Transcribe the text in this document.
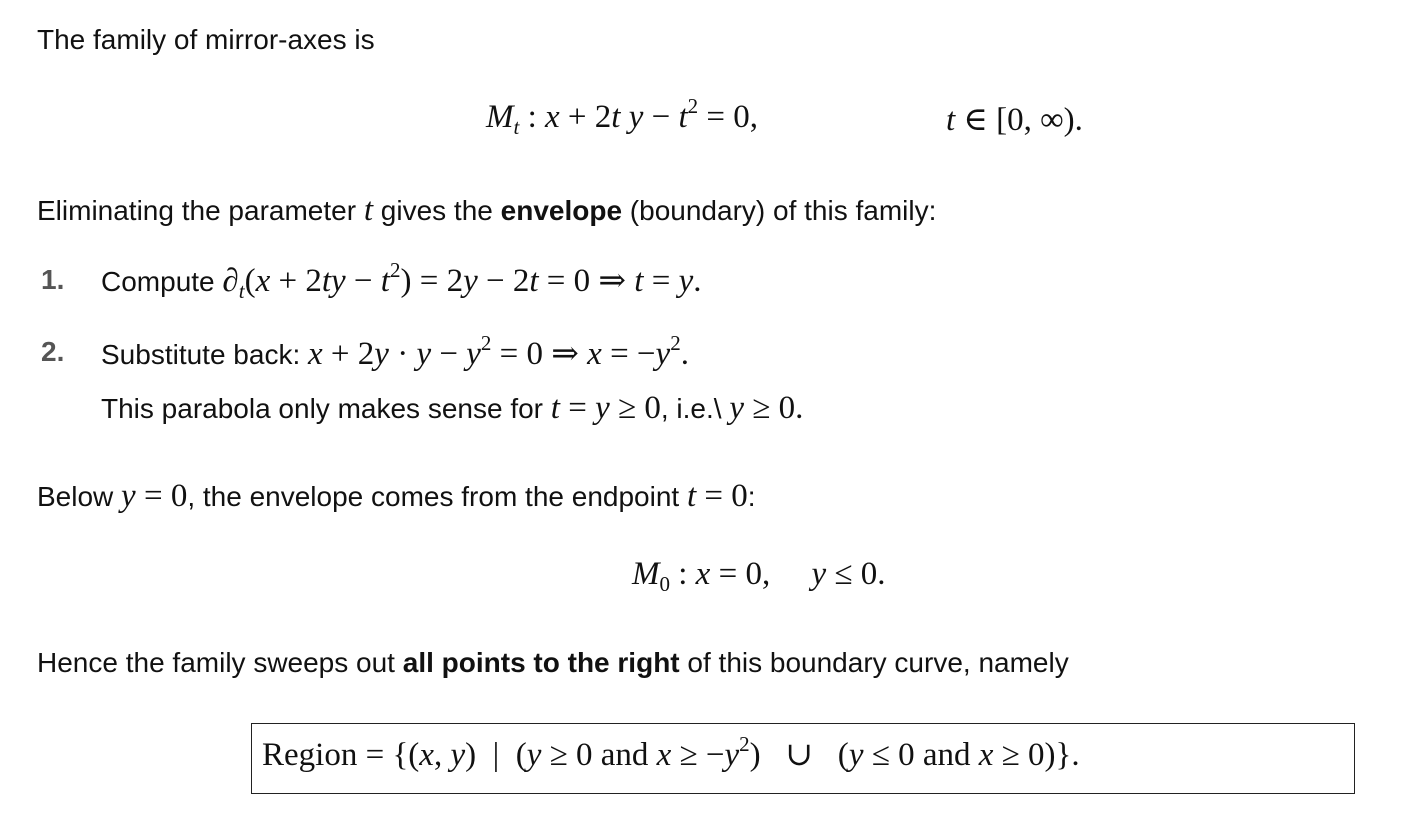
The family of mirror-axes is
$M_t$ : x + 2t $y - t^2 = 0$,	t ∈ [0, ∞).
Eliminating the parameter t gives the envelope (boundary) of this family:
1. Compute $\partial_t(x + 2ty - t^2) = 2y - 2t = 0$ ⇒ t = y.
2. Substitute back: $x + 2y \cdot y - y^2 = 0$ ⇒ $x = -y^2$.
This parabola only makes sense for t = y ≥ 0, i.e.\ y ≥ 0.
Below y = 0, the envelope comes from the endpoint t = 0:
$M_0$ : x = 0,     y ≤ 0.
Hence the family sweeps out all points to the right of this boundary curve, namely
Region = {(x, y)  |  (y ≥ 0 and $x \ge -y^2$)   ∪   (y ≤ 0 and x ≥ 0)}.
